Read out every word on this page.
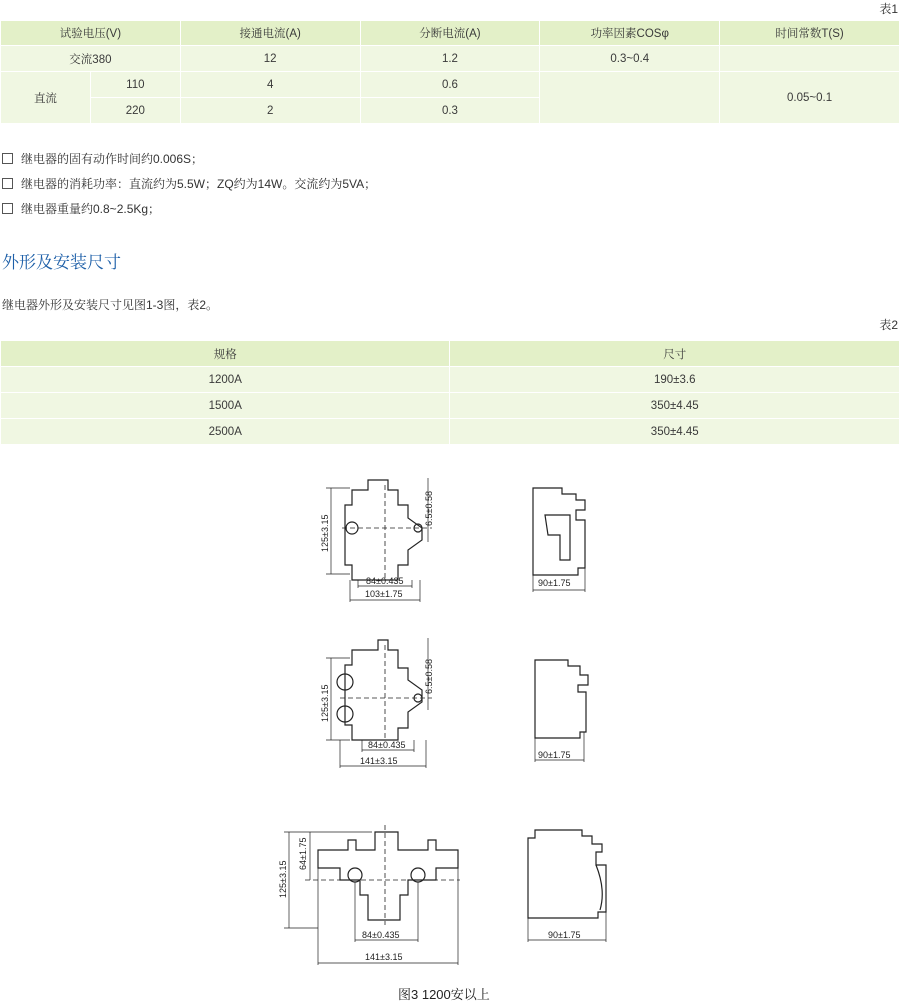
表1
试验电压(V)		接通电流(A)	分断电流(A)	功率因素COSφ	时间常数T(S)
交流380		12	1.2	0.3~0.4	
直流	110	4	0.6		0.05~0.1
	220	2	0.3		
继电器的固有动作时间约0.006S；
继电器的消耗功率：直流约为5.5W；ZQ约为14W。交流约为5VA；
继电器重量约0.8~2.5Kg；
外形及安装尺寸
继电器外形及安装尺寸见图1-3图，表2。
表2
规格	尺寸
1200A	190±3.6
1500A	350±4.45
2500A	350±4.45
125±3.15
6.5±0.58
84±0.435
103±1.75
90±1.75
125±3.15
6.5±0.58
84±0.435
141±3.15
90±1.75
125±3.15
64±1.75
84±0.435
141±3.15
90±1.75
图3 1200安以上
